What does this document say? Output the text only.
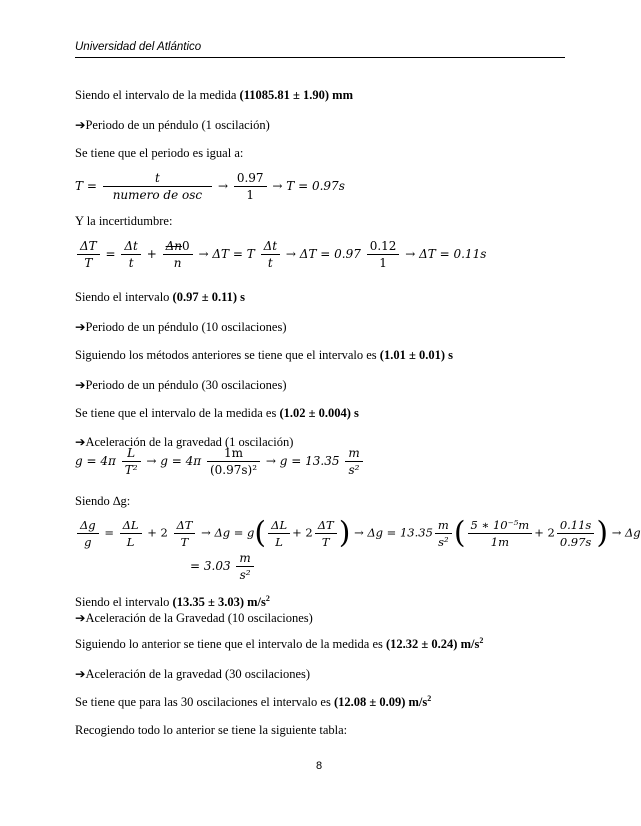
Universidad del Atlántico
Siendo el intervalo de la medida (11085.81 ± 1.90) mm
➔Periodo de un péndulo (1 oscilación)
Se tiene que el periodo es igual a:
$T = \frac{t}{\text{numero de osc}} \to \frac{0.97}{1} \to T = 0.97s$
Y la incertidumbre:
$\frac{\Delta T}{T} = \frac{\Delta t}{t} + \frac{\Delta n0}{n} \to \Delta T = T \frac{\Delta t}{t} \to \Delta T = 0.97 \frac{0.12}{1} \to \Delta T = 0.11s$
Siendo el intervalo (0.97 ± 0.11) s
➔Periodo de un péndulo (10 oscilaciones)
Siguiendo los métodos anteriores se tiene que el intervalo es (1.01 ± 0.01) s
➔Periodo de un péndulo (30 oscilaciones)
Se tiene que el intervalo de la medida es (1.02 ± 0.004) s
➔Aceleración de la gravedad (1 oscilación)
$g = 4\pi \frac{L}{\text{T²}} \to g = 4\pi \frac{1m}{\text{(0.97s)²}} \to g = 13.35 \frac{m}{\text{s²}}$
Siendo ∆g:
$\frac{\Delta g}{g} = \frac{\Delta L}{L} + 2 \frac{\Delta T}{T} \to \Delta g = g( \frac{\Delta L}{L} + 2 \frac{\Delta T}{T}$ ) → $\Delta g = 13.35 \frac{m}{\text{s²}}$ ( $\frac{\text{5 ∗ 10⁻⁵m}}{1m} + 2 \frac{0.11s}{0.97s}$ ) → Δg
= $3.03 \frac{m}{\text{s²}}$
Siendo el intervalo (13.35 ± 3.03) $m/s^2$
➔Aceleración de la Gravedad (10 oscilaciones)
Siguiendo lo anterior se tiene que el intervalo de la medida es (12.32 ± 0.24) $m/s^2$
➔Aceleración de la gravedad (30 oscilaciones)
Se tiene que para las 30 oscilaciones el intervalo es (12.08 ± 0.09) $m/s^2$
Recogiendo todo lo anterior se tiene la siguiente tabla:
8
